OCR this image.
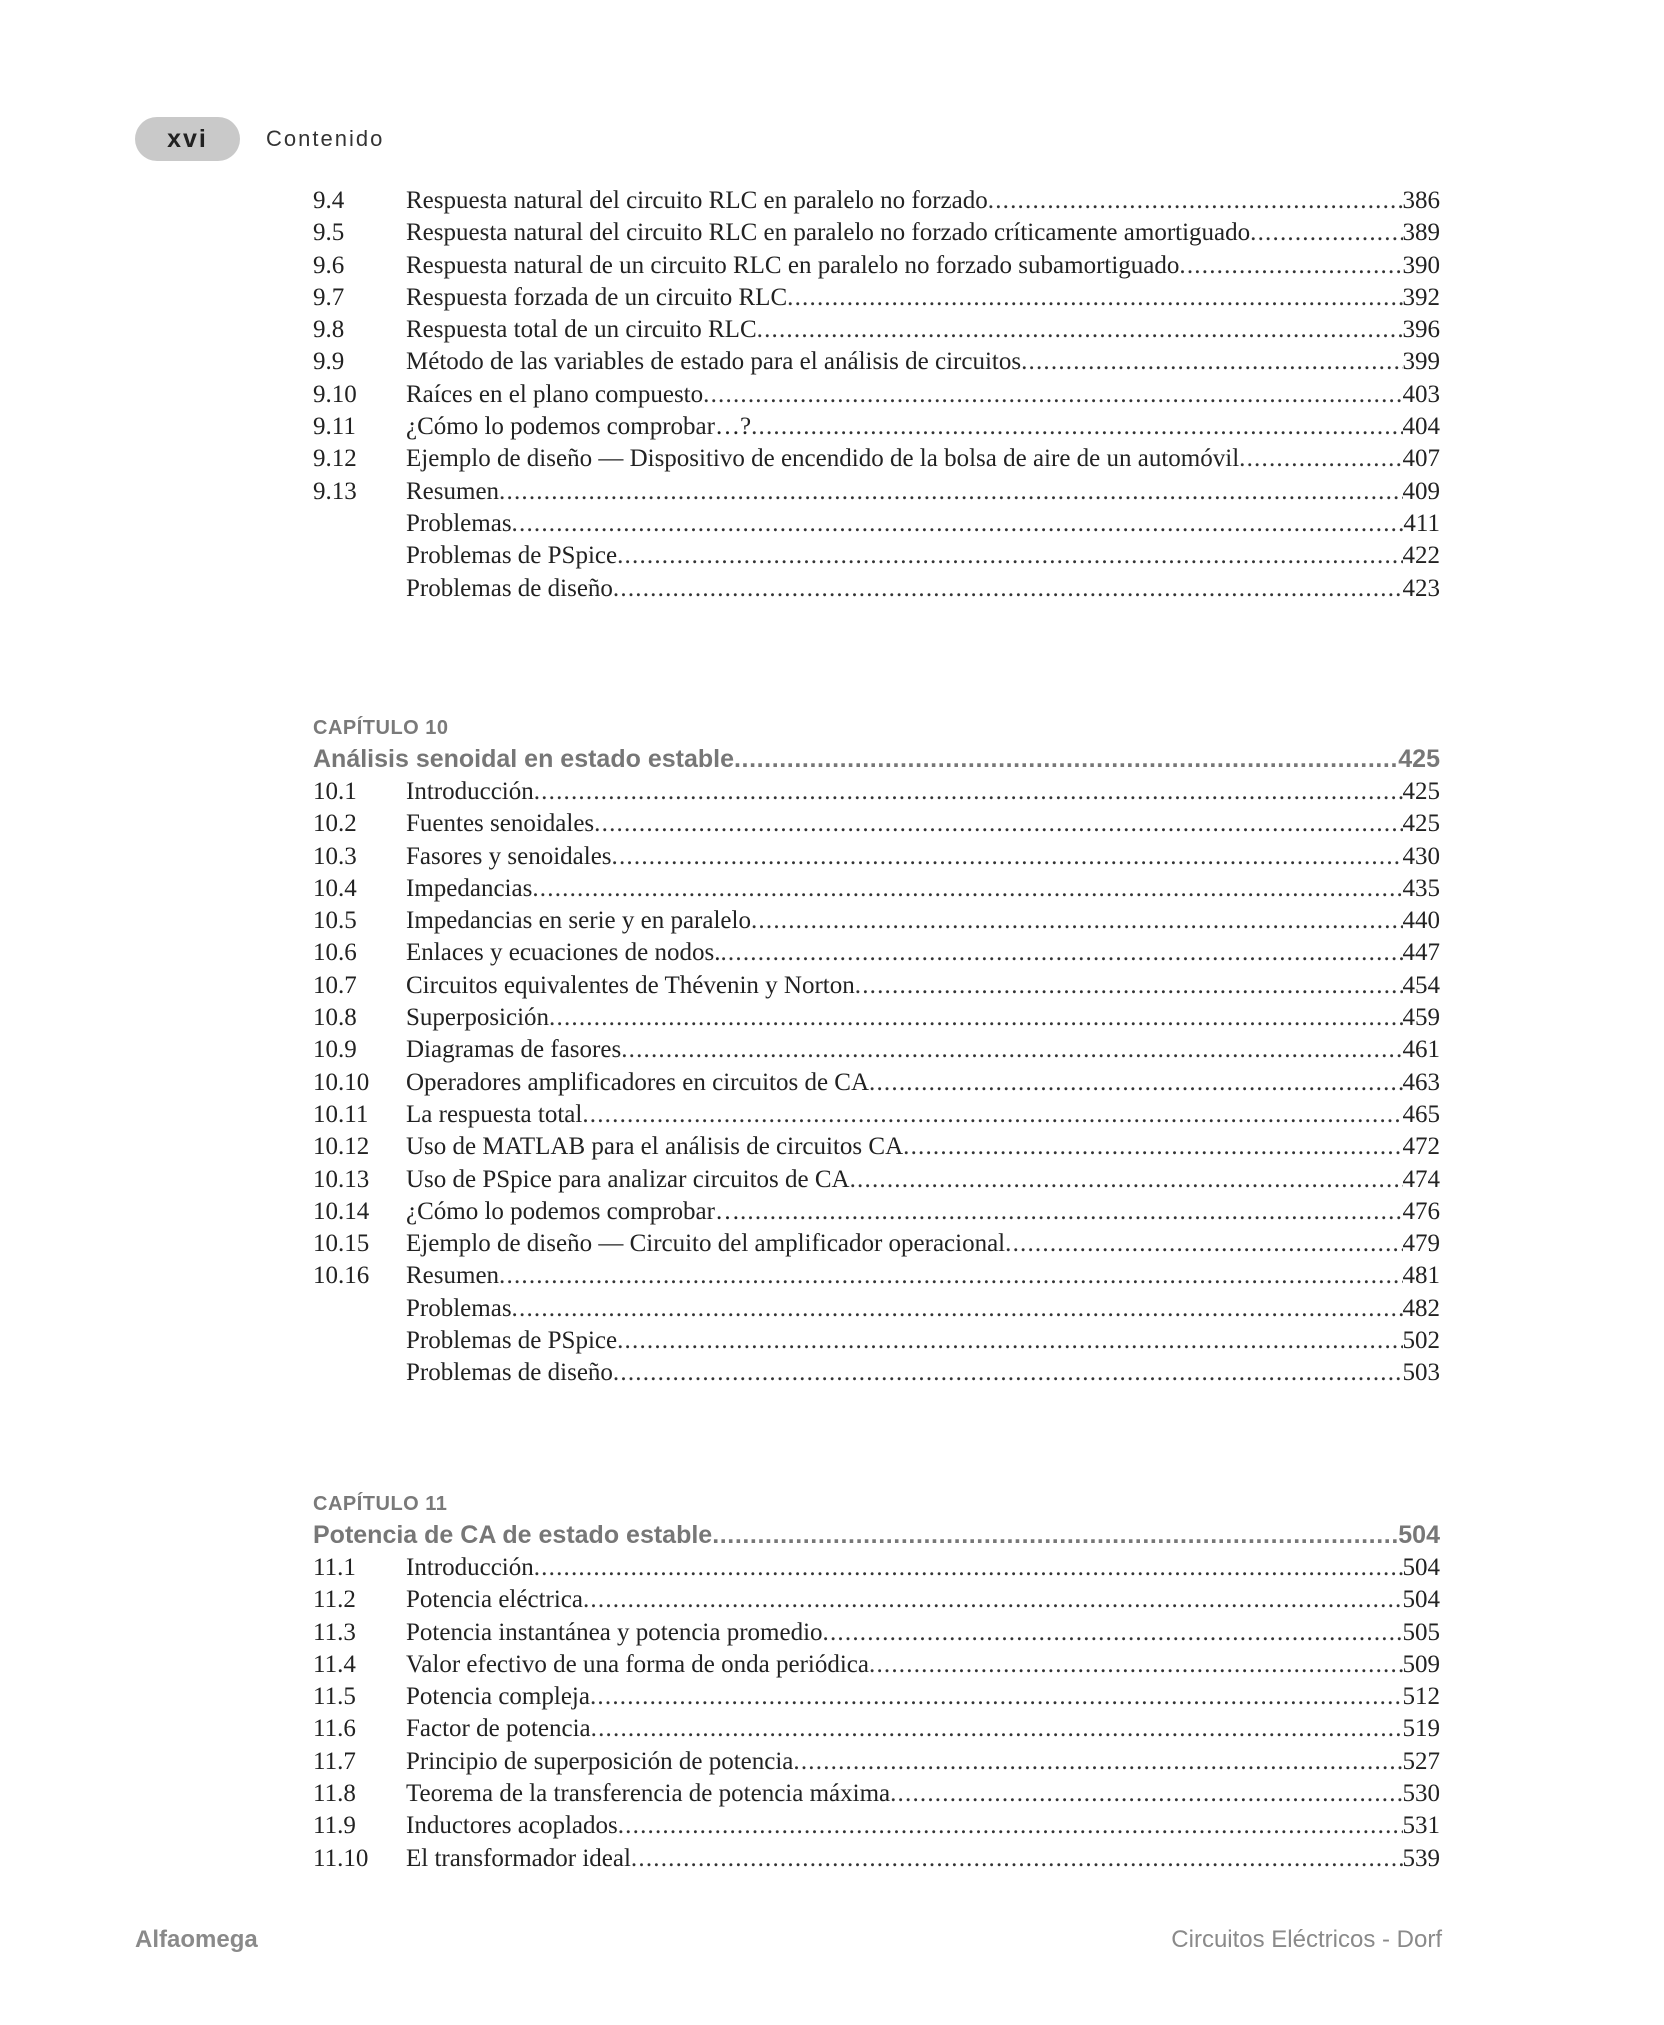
xvi	Contenido
9.4	Respuesta natural del circuito RLC en paralelo no forzado .....	386
9.5	Respuesta natural del circuito RLC en paralelo no forzado críticamente amortiguado .....	389
9.6	Respuesta natural de un circuito RLC en paralelo no forzado subamortiguado .....	390
9.7	Respuesta forzada de un circuito RLC .....	392
9.8	Respuesta total de un circuito RLC .....	396
9.9	Método de las variables de estado para el análisis de circuitos .....	399
9.10	Raíces en el plano compuesto .....	403
9.11	¿Cómo lo podemos comprobar…? .....	404
9.12	Ejemplo de diseño — Dispositivo de encendido de la bolsa de aire de un automóvil .....	407
9.13	Resumen .....	409
Problemas .....	411
Problemas de PSpice .....	422
Problemas de diseño .....	423
CAPÍTULO 10
Análisis senoidal en estado estable .....	425
10.1	Introducción .....	425
10.2	Fuentes senoidales .....	425
10.3	Fasores y senoidales .....	430
10.4	Impedancias .....	435
10.5	Impedancias en serie y en paralelo .....	440
10.6	Enlaces y ecuaciones de nodos. .....	447
10.7	Circuitos equivalentes de Thévenin y Norton .....	454
10.8	Superposición .....	459
10.9	Diagramas de fasores .....	461
10.10	Operadores amplificadores en circuitos de CA .....	463
10.11	La respuesta total .....	465
10.12	Uso de MATLAB para el análisis de circuitos CA .....	472
10.13	Uso de PSpice para analizar circuitos de CA .....	474
10.14	¿Cómo lo podemos comprobar… .....	476
10.15	Ejemplo de diseño — Circuito del amplificador operacional .....	479
10.16	Resumen .....	481
Problemas .....	482
Problemas de PSpice .....	502
Problemas de diseño .....	503
CAPÍTULO 11
Potencia de CA de estado estable .....	504
11.1	Introducción .....	504
11.2	Potencia eléctrica .....	504
11.3	Potencia instantánea y potencia promedio .....	505
11.4	Valor efectivo de una forma de onda periódica .....	509
11.5	Potencia compleja .....	512
11.6	Factor de potencia .....	519
11.7	Principio de superposición de potencia .....	527
11.8	Teorema de la transferencia de potencia máxima .....	530
11.9	Inductores acoplados .....	531
11.10	El transformador ideal .....	539
Alfaomega	Circuitos Eléctricos - Dorf
